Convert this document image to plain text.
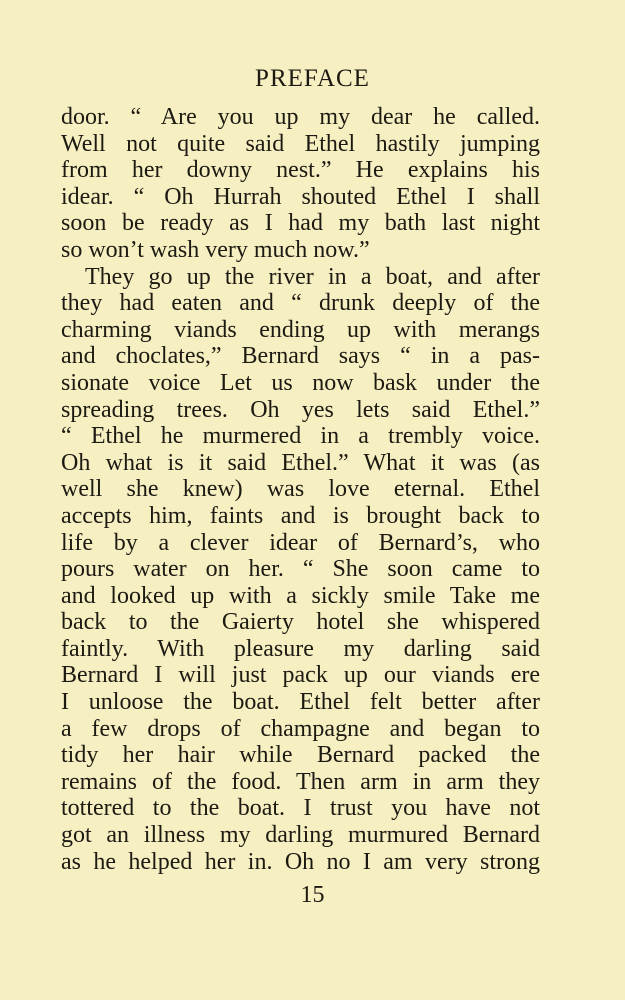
PREFACE
door. “ Are you up my dear he called.
Well not quite said Ethel hastily jumping
from her downy nest.” He explains his
idear. “ Oh Hurrah shouted Ethel I shall
soon be ready as I had my bath last night
so won’t wash very much now.”
They go up the river in a boat, and after
they had eaten and “ drunk deeply of the
charming viands ending up with merangs
and choclates,” Bernard says “ in a pas-
sionate voice Let us now bask under the
spreading trees. Oh yes lets said Ethel.”
“ Ethel he murmered in a trembly voice.
Oh what is it said Ethel.” What it was (as
well she knew) was love eternal. Ethel
accepts him, faints and is brought back to
life by a clever idear of Bernard’s, who
pours water on her. “ She soon came to
and looked up with a sickly smile Take me
back to the Gaierty hotel she whispered
faintly. With pleasure my darling said
Bernard I will just pack up our viands ere
I unloose the boat. Ethel felt better after
a few drops of champagne and began to
tidy her hair while Bernard packed the
remains of the food. Then arm in arm they
tottered to the boat. I trust you have not
got an illness my darling murmured Bernard
as he helped her in. Oh no I am very strong
15
